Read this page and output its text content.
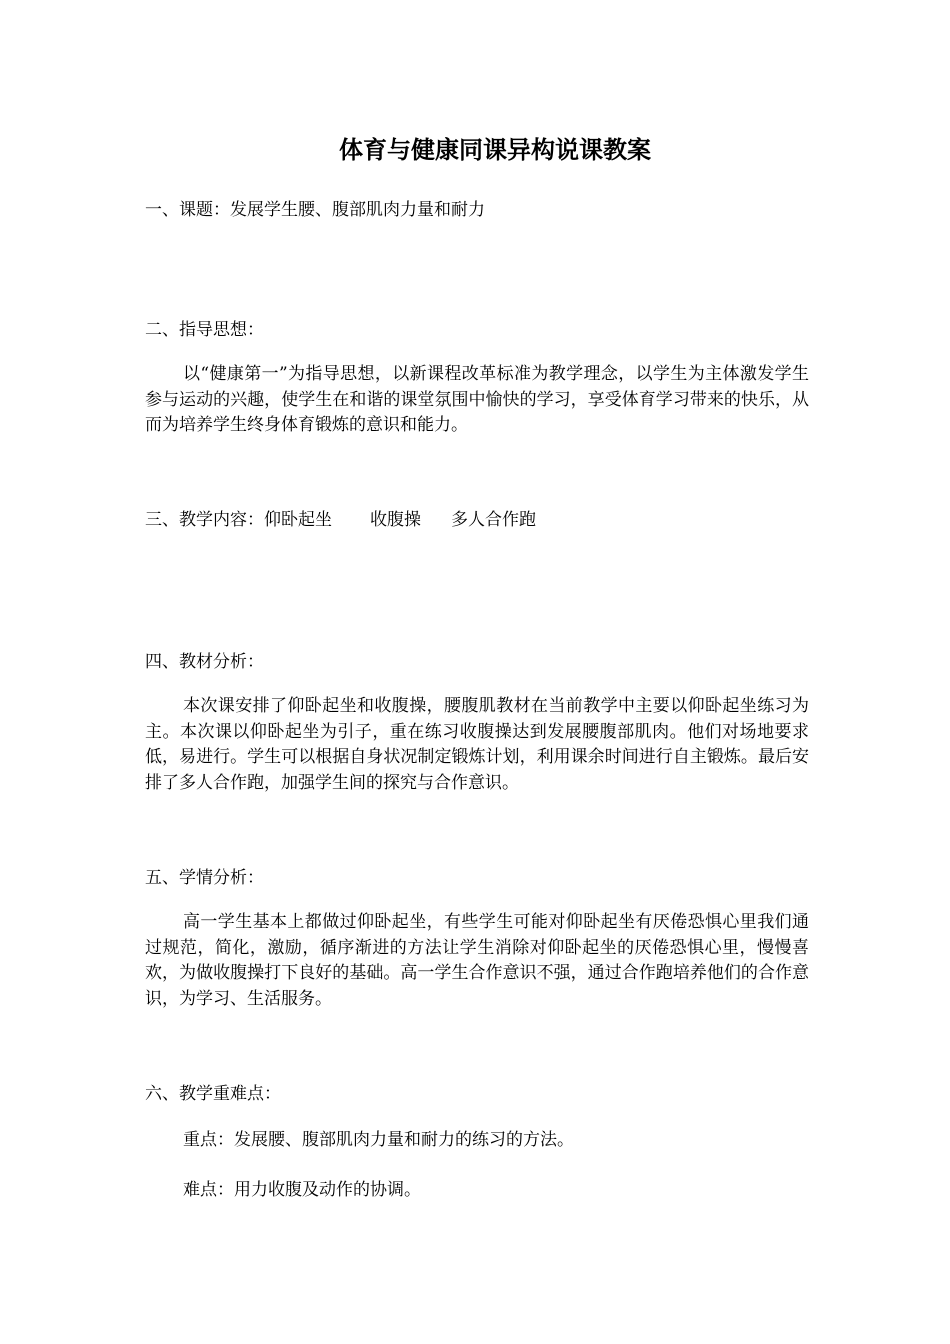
体育与健康同课异构说课教案
一、课题：发展学生腰、腹部肌肉力量和耐力
二、指导思想：
以“健康第一”为指导思想，以新课程改革标准为教学理念，以学生为主体激发学生参与运动的兴趣，使学生在和谐的课堂氛围中愉快的学习，享受体育学习带来的快乐，从而为培养学生终身体育锻炼的意识和能力。
三、教学内容：仰卧起坐 收腹操 多人合作跑
四、教材分析：
本次课安排了仰卧起坐和收腹操，腰腹肌教材在当前教学中主要以仰卧起坐练习为主。本次课以仰卧起坐为引子，重在练习收腹操达到发展腰腹部肌肉。他们对场地要求低，易进行。学生可以根据自身状况制定锻炼计划，利用课余时间进行自主锻炼。最后安排了多人合作跑，加强学生间的探究与合作意识。
五、学情分析：
高一学生基本上都做过仰卧起坐，有些学生可能对仰卧起坐有厌倦恐惧心里我们通过规范，简化，激励，循序渐进的方法让学生消除对仰卧起坐的厌倦恐惧心里，慢慢喜欢，为做收腹操打下良好的基础。高一学生合作意识不强，通过合作跑培养他们的合作意识，为学习、生活服务。
六、教学重难点：
重点：发展腰、腹部肌肉力量和耐力的练习的方法。
难点：用力收腹及动作的协调。
